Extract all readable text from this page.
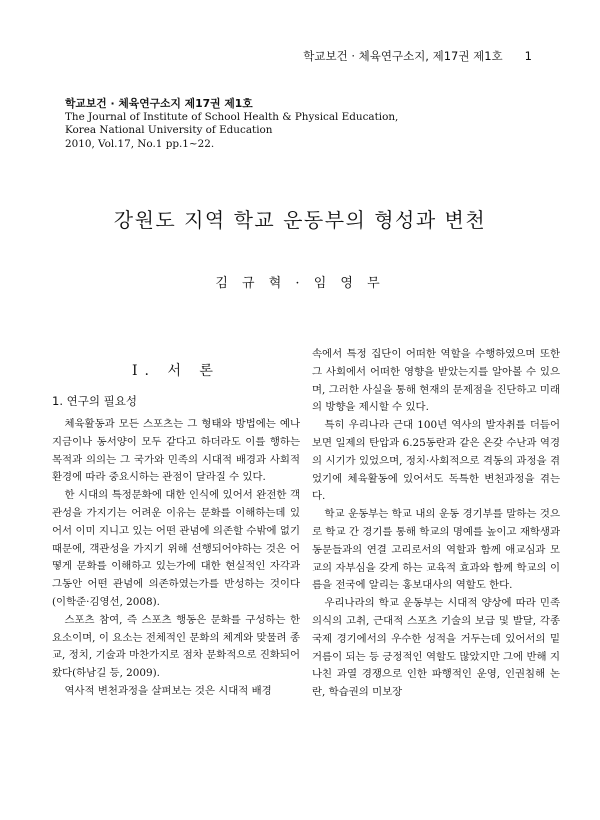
학교보건 · 체육연구소지, 제17권 제1호 1
학교보건 · 체육연구소지 제17권 제1호
The Journal of Institute of School Health & Physical Education,
Korea National University of Education
2010, Vol.17, No.1 pp.1~22.
강원도 지역 학교 운동부의 형성과 변천
김 규 혁 · 임 영 무
Ⅰ. 서 론
1. 연구의 필요성

체육활동과 모든 스포츠는 그 형태와 방법에는 예나 지금이나 동서양이 모두 같다고 하더라도 이를 행하는 목적과 의의는 그 국가와 민족의 시대적 배경과 사회적 환경에 따라 중요시하는 관점이 달라질 수 있다.

한 시대의 특정문화에 대한 인식에 있어서 완전한 객관성을 가지기는 어려운 이유는 문화를 이해하는데 있어서 이미 지니고 있는 어떤 관념에 의존할 수밖에 없기 때문에, 객관성을 가지기 위해 선행되어야하는 것은 어떻게 문화를 이해하고 있는가에 대한 현실적인 자각과 그동안 어떤 관념에 의존하였는가를 반성하는 것이다(이학준·김영선, 2008).

스포츠 참여, 즉 스포츠 행동은 문화를 구성하는 한 요소이며, 이 요소는 전체적인 문화의 체계와 맞물려 종교, 정치, 기술과 마찬가지로 점차 문화적으로 진화되어왔다(하남길 등, 2009).

역사적 변천과정을 살펴보는 것은 시대적 배경

속에서 특정 집단이 어떠한 역할을 수행하였으며 또한 그 사회에서 어떠한 영향을 받았는지를 알아볼 수 있으며, 그러한 사실을 통해 현재의 문제점을 진단하고 미래의 방향을 제시할 수 있다.

특히 우리나라 근대 100년 역사의 발자취를 더듬어보면 일제의 탄압과 6.25동란과 같은 온갖 수난과 역경의 시기가 있었으며, 정치·사회적으로 격동의 과정을 겪었기에 체육활동에 있어서도 독특한 변천과정을 겪는다.

학교 운동부는 학교 내의 운동 경기부를 말하는 것으로 학교 간 경기를 통해 학교의 명예를 높이고 재학생과 동문들과의 연결 고리로서의 역할과 함께 애교심과 모교의 자부심을 갖게 하는 교육적 효과와 함께 학교의 이름을 전국에 알리는 홍보대사의 역할도 한다.

우리나라의 학교 운동부는 시대적 양상에 따라 민족의식의 고취, 근대적 스포츠 기술의 보급 및 발달, 각종 국제 경기에서의 우수한 성적을 거두는데 있어서의 밑거름이 되는 등 긍정적인 역할도 많았지만 그에 반해 지나친 과열 경쟁으로 인한 파행적인 운영, 인권침해 논란, 학습권의 미보장
